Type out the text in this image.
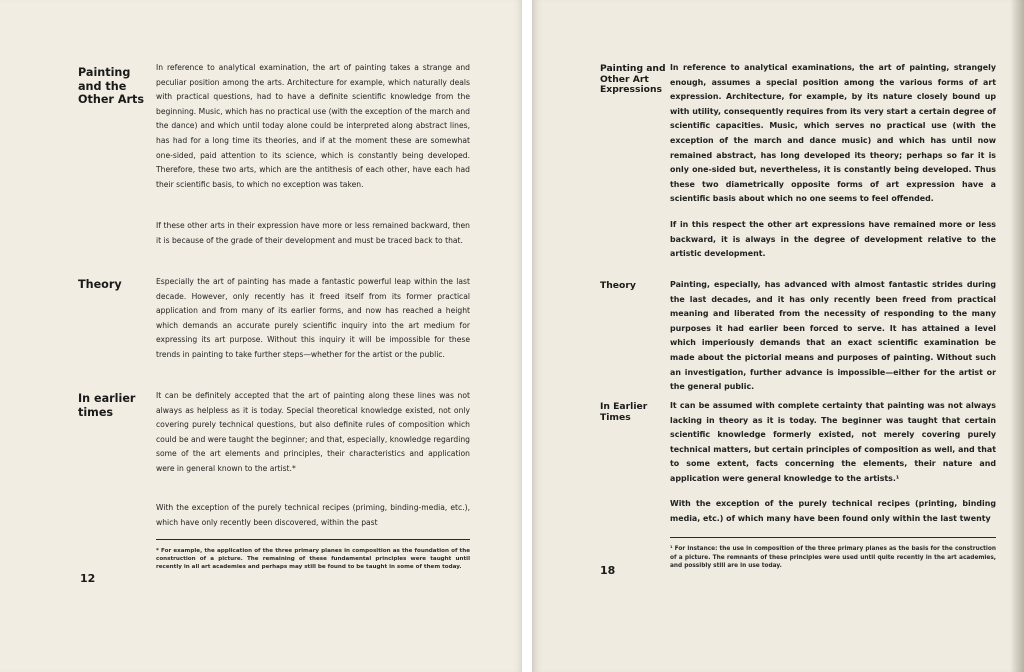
Painting and the Other Arts

In reference to analytical examination, the art of painting takes a strange and peculiar position among the arts. Architecture for example, which naturally deals with practical questions, had to have a definite scientific knowledge from the beginning. Music, which has no practical use (with the exception of the march and the dance) and which until today alone could be interpreted along abstract lines, has had for a long time its theories, and if at the moment these are somewhat one-sided, paid attention to its science, which is constantly being developed. Therefore, these two arts, which are the antithesis of each other, have each had their scientific basis, to which no exception was taken.

If these other arts in their expression have more or less remained backward, then it is because of the grade of their development and must be traced back to that.

Theory	Especially the art of painting has made a fantastic powerful leap within the last decade. However, only recently has it freed itself from its former practical application and from many of its earlier forms, and now has reached a height which demands an accurate purely scientific inquiry into the art medium for expressing its art purpose. Without this inquiry it will be impossible for these trends in painting to take further steps—whether for the artist or the public.

In earlier times

It can be definitely accepted that the art of painting along these lines was not always as helpless as it is today. Special theoretical knowledge existed, not only covering purely technical questions, but also definite rules of composition which could be and were taught the beginner; and that, especially, knowledge regarding some of the art elements and principles, their characteristics and application were in general known to the artist.*

With the exception of the purely technical recipes (priming, binding-media, etc.), which have only recently been discovered, within the past

* For example, the application of the three primary planes in composition as the foundation of the construction of a picture. The remaining of these fundamental principles were taught until recently in all art academies and perhaps may still be found to be taught in some of them today.

12

Painting and Other Art Expressions

In reference to analytical examinations, the art of painting, strangely enough, assumes a special position among the various forms of art expression. Architecture, for example, by its nature closely bound up with utility, consequently requires from its very start a certain degree of scientific capacities. Music, which serves no practical use (with the exception of the march and dance music) and which has until now remained abstract, has long developed its theory; perhaps so far it is only one-sided but, nevertheless, it is constantly being developed. Thus these two diametrically opposite forms of art expression have a scientific basis about which no one seems to feel offended.

If in this respect the other art expressions have remained more or less backward, it is always in the degree of development relative to the artistic development.

Theory	Painting, especially, has advanced with almost fantastic strides during the last decades, and it has only recently been freed from practical meaning and liberated from the necessity of responding to the many purposes it had earlier been forced to serve. It has attained a level which imperiously demands that an exact scientific examination be made about the pictorial means and purposes of painting. Without such an investigation, further advance is impossible—either for the artist or the general public.

In Earlier Times

It can be assumed with complete certainty that painting was not always lacking in theory as it is today. The beginner was taught that certain scientific knowledge formerly existed, not merely covering purely technical matters, but certain principles of composition as well, and that to some extent, facts concerning the elements, their nature and application were general knowledge to the artists.¹

With the exception of the purely technical recipes (printing, binding media, etc.) of which many have been found only within the last twenty

¹ For instance: the use in composition of the three primary planes as the basis for the construction of a picture. The remnants of these principles were used until quite recently in the art academies, and possibly still are in use today.

18
